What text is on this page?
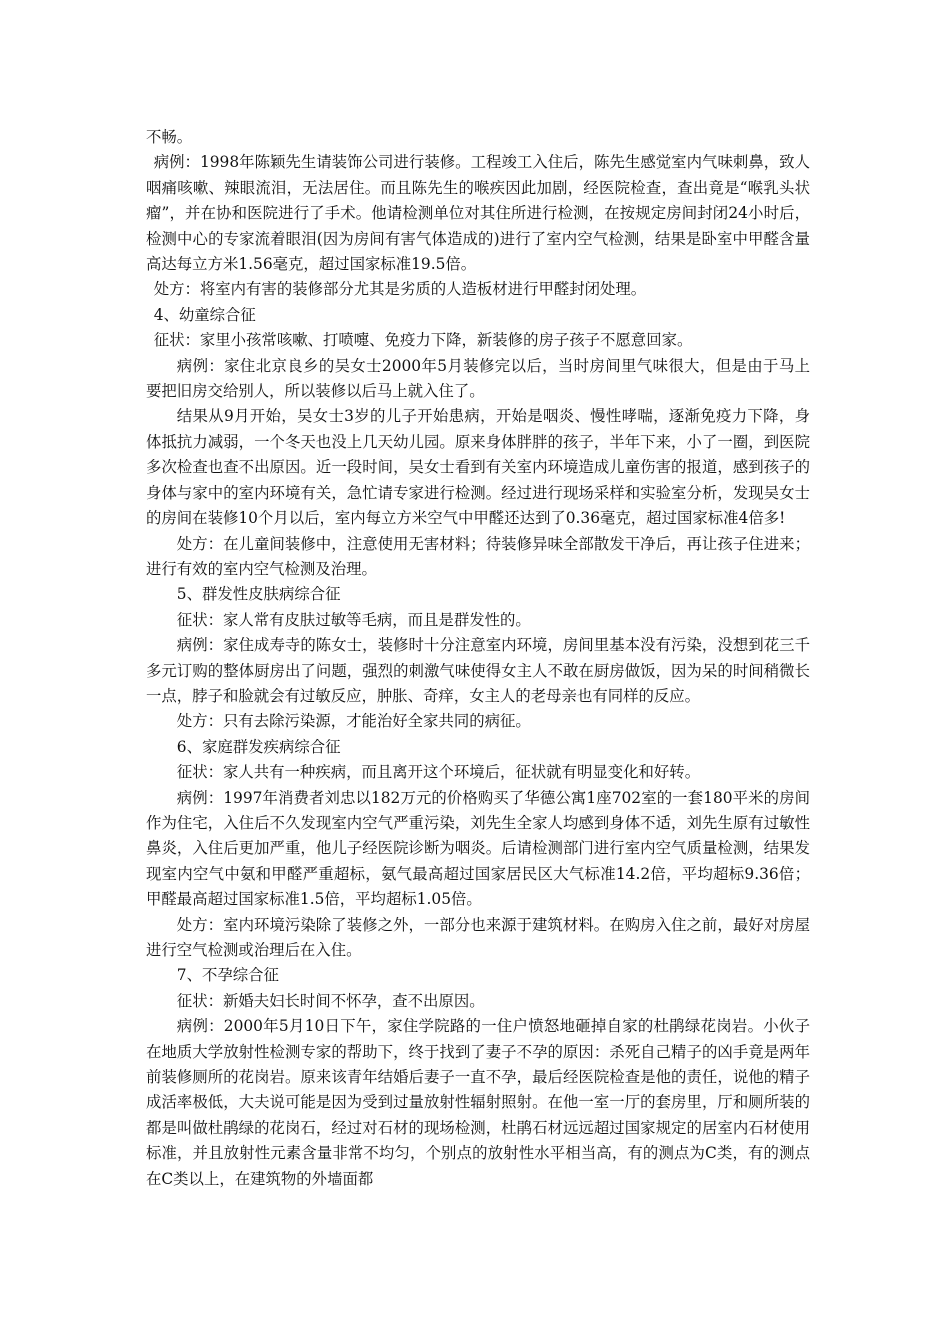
不畅。

病例：1998年陈颖先生请装饰公司进行装修。工程竣工入住后，陈先生感觉室内气味刺鼻，致人咽痛咳嗽、辣眼流泪，无法居住。而且陈先生的喉疾因此加剧，经医院检查，查出竟是“喉乳头状瘤”，并在协和医院进行了手术。他请检测单位对其住所进行检测，在按规定房间封闭24小时后，检测中心的专家流着眼泪(因为房间有害气体造成的)进行了室内空气检测，结果是卧室中甲醛含量高达每立方米1.56毫克，超过国家标准19.5倍。

处方：将室内有害的装修部分尤其是劣质的人造板材进行甲醛封闭处理。

4、幼童综合征

征状：家里小孩常咳嗽、打喷嚏、免疫力下降，新装修的房子孩子不愿意回家。

病例：家住北京良乡的吴女士2000年5月装修完以后，当时房间里气味很大，但是由于马上要把旧房交给别人，所以装修以后马上就入住了。

结果从9月开始，吴女士3岁的儿子开始患病，开始是咽炎、慢性哮喘，逐渐免疫力下降，身体抵抗力减弱，一个冬天也没上几天幼儿园。原来身体胖胖的孩子，半年下来，小了一圈，到医院多次检查也查不出原因。近一段时间，吴女士看到有关室内环境造成儿童伤害的报道，感到孩子的身体与家中的室内环境有关，急忙请专家进行检测。经过进行现场采样和实验室分析，发现吴女士的房间在装修10个月以后，室内每立方米空气中甲醛还达到了0.36毫克，超过国家标准4倍多!

处方：在儿童间装修中，注意使用无害材料；待装修异味全部散发干净后，再让孩子住进来；进行有效的室内空气检测及治理。

5、群发性皮肤病综合征

征状：家人常有皮肤过敏等毛病，而且是群发性的。

病例：家住成寿寺的陈女士，装修时十分注意室内环境，房间里基本没有污染，没想到花三千多元订购的整体厨房出了问题，强烈的刺激气味使得女主人不敢在厨房做饭，因为呆的时间稍微长一点，脖子和脸就会有过敏反应，肿胀、奇痒，女主人的老母亲也有同样的反应。

处方：只有去除污染源，才能治好全家共同的病征。

6、家庭群发疾病综合征

征状：家人共有一种疾病，而且离开这个环境后，征状就有明显变化和好转。

病例：1997年消费者刘忠以182万元的价格购买了华德公寓1座702室的一套180平米的房间作为住宅，入住后不久发现室内空气严重污染，刘先生全家人均感到身体不适，刘先生原有过敏性鼻炎，入住后更加严重，他儿子经医院诊断为咽炎。后请检测部门进行室内空气质量检测，结果发现室内空气中氨和甲醛严重超标，氨气最高超过国家居民区大气标准14.2倍，平均超标9.36倍；甲醛最高超过国家标准1.5倍，平均超标1.05倍。

处方：室内环境污染除了装修之外，一部分也来源于建筑材料。在购房入住之前，最好对房屋进行空气检测或治理后在入住。

7、不孕综合征

征状：新婚夫妇长时间不怀孕，查不出原因。

病例：2000年5月10日下午，家住学院路的一住户愤怒地砸掉自家的杜鹃绿花岗岩。小伙子在地质大学放射性检测专家的帮助下，终于找到了妻子不孕的原因：杀死自己精子的凶手竟是两年前装修厕所的花岗岩。原来该青年结婚后妻子一直不孕，最后经医院检查是他的责任，说他的精子成活率极低，大夫说可能是因为受到过量放射性辐射照射。在他一室一厅的套房里，厅和厕所装的都是叫做杜鹃绿的花岗石，经过对石材的现场检测，杜鹃石材远远超过国家规定的居室内石材使用标准，并且放射性元素含量非常不均匀，个别点的放射性水平相当高，有的测点为C类，有的测点在C类以上，在建筑物的外墙面都
